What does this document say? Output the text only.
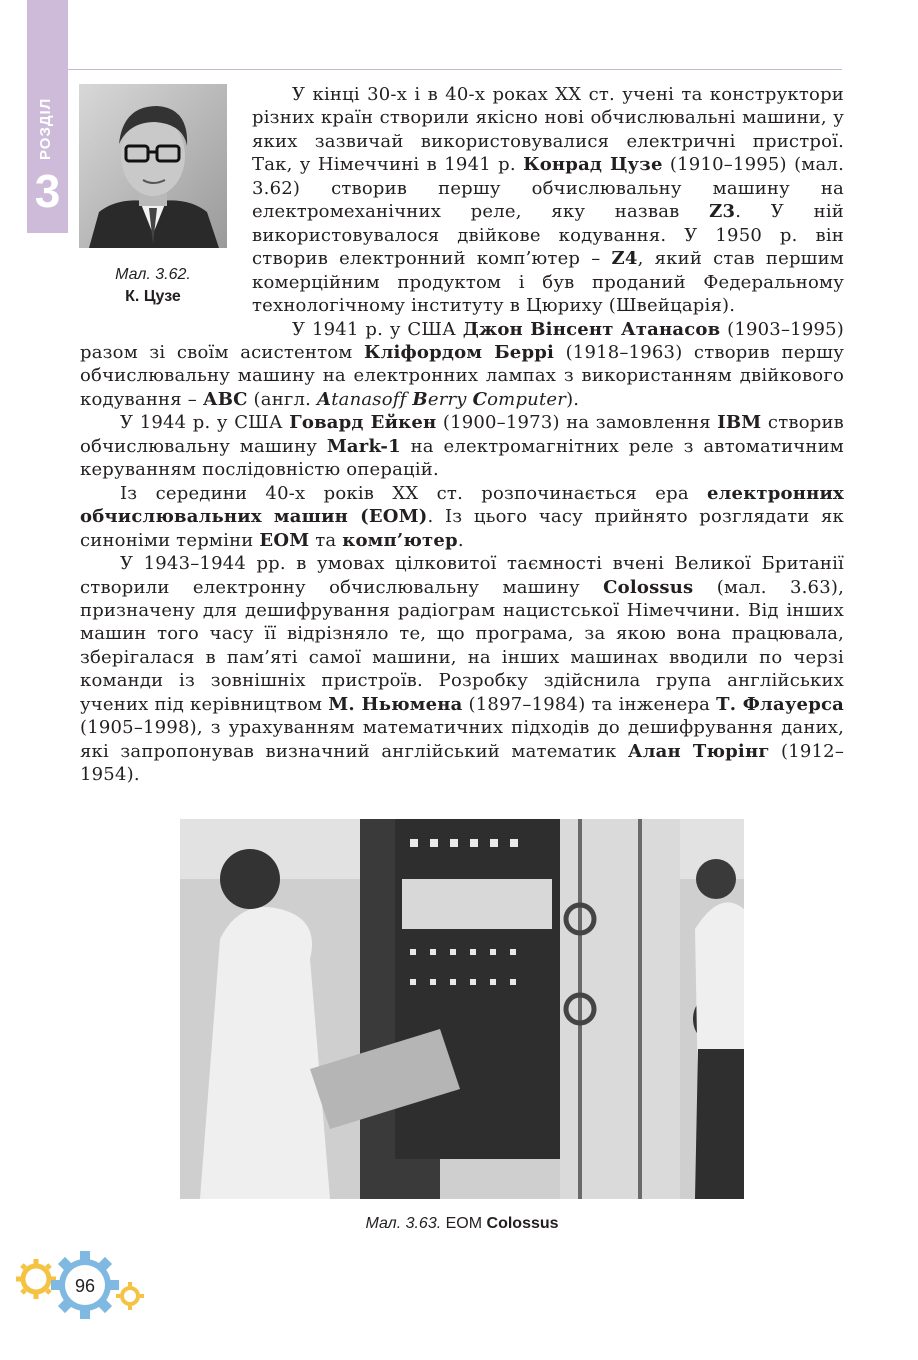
РОЗДІЛ
3
Мал. 3.62.
К. Цузе

У кінці 30-х і в 40-х роках XX ст. учені та конструктори різних країн створили якісно нові обчислювальні машини, у яких зазвичай використовувалися електричні пристрої. Так, у Німеччині в 1941 р. Конрад Цузе (1910–1995) (мал. 3.62) створив першу обчислювальну машину на електромеханічних реле, яку назвав Z3. У ній використовувалося двійкове кодування. У 1950 р. він створив електронний комп’ютер – Z4, який став першим комерційним продуктом і був проданий Федеральному технологічному інституту в Цюриху (Швейцарія).

У 1941 р. у США Джон Вінсент Атанасов (1903–1995) разом зі своїм асистентом Кліфордом Беррі (1918–1963) створив першу обчислювальну машину на електронних лампах з використанням двійкового кодування – АВС (англ. Atanasoff Berry Computer).

У 1944 р. у США Говард Ейкен (1900–1973) на замовлення IBM створив обчислювальну машину Mark-1 на електромагнітних реле з автоматичним керуванням послідовністю операцій.

Із середини 40-х років XX ст. розпочинається ера електронних обчислювальних машин (ЕОМ). Із цього часу прийнято розглядати як синоніми терміни ЕОМ та комп’ютер.

У 1943–1944 рр. в умовах цілковитої таємності вчені Великої Британії створили електронну обчислювальну машину Colossus (мал. 3.63), призначену для дешифрування радіограм нацистської Німеччини. Від інших машин того часу її відрізняло те, що програма, за якою вона працювала, зберігалася в пам’яті самої машини, на інших машинах вводили по черзі команди із зовнішніх пристроїв. Розробку здійснила група англійських учених під керівництвом М. Ньюмена (1897–1984) та інженера Т. Флауерса (1905–1998), з урахуванням математичних підходів до дешифрування даних, які запропонував визначний англійський математик Алан Тюрінг (1912–1954).

Мал. 3.63. ЕОМ Colossus
96
